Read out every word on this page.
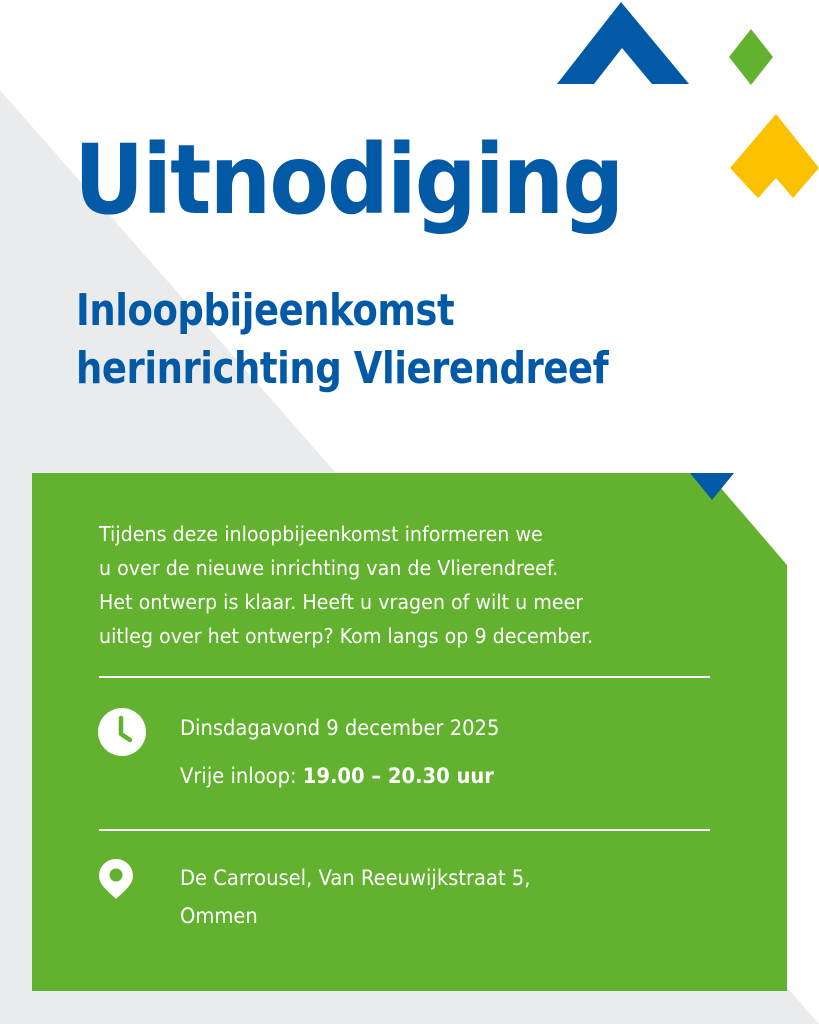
Uitnodiging
Inloopbijeenkomst
herinrichting Vlierendreef

Tijdens deze inloopbijeenkomst informeren we
u over de nieuwe inrichting van de Vlierendreef.
Het ontwerp is klaar. Heeft u vragen of wilt u meer
uitleg over het ontwerp? Kom langs op 9 december.

Dinsdagavond 9 december 2025

Vrije inloop: 19.00 – 20.30 uur

De Carrousel, Van Reeuwijkstraat 5,

Ommen
